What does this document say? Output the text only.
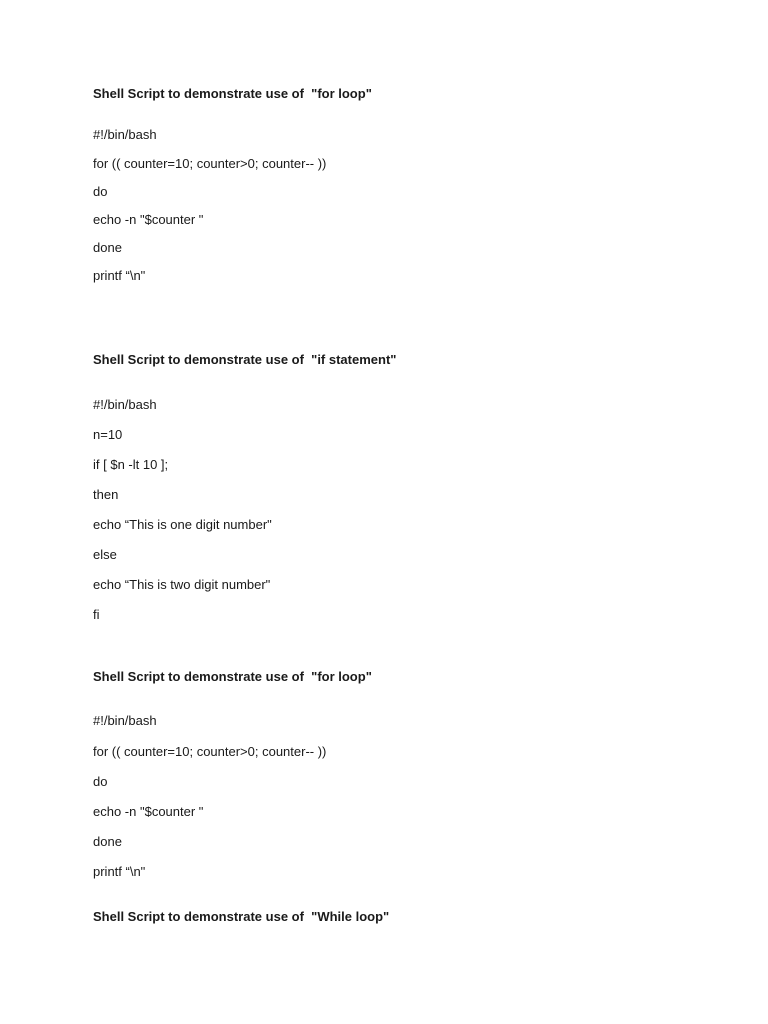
Shell Script to demonstrate use of  "for loop"
#!/bin/bash
for (( counter=10; counter>0; counter-- ))
do
echo -n "$counter "
done
printf “\n"
Shell Script to demonstrate use of  "if statement"
#!/bin/bash
n=10
if [ $n -lt 10 ];
then
echo “This is one digit number"
else
echo “This is two digit number"
fi
Shell Script to demonstrate use of  "for loop"
#!/bin/bash
for (( counter=10; counter>0; counter-- ))
do
echo -n "$counter "
done
printf “\n"
Shell Script to demonstrate use of  "While loop"
